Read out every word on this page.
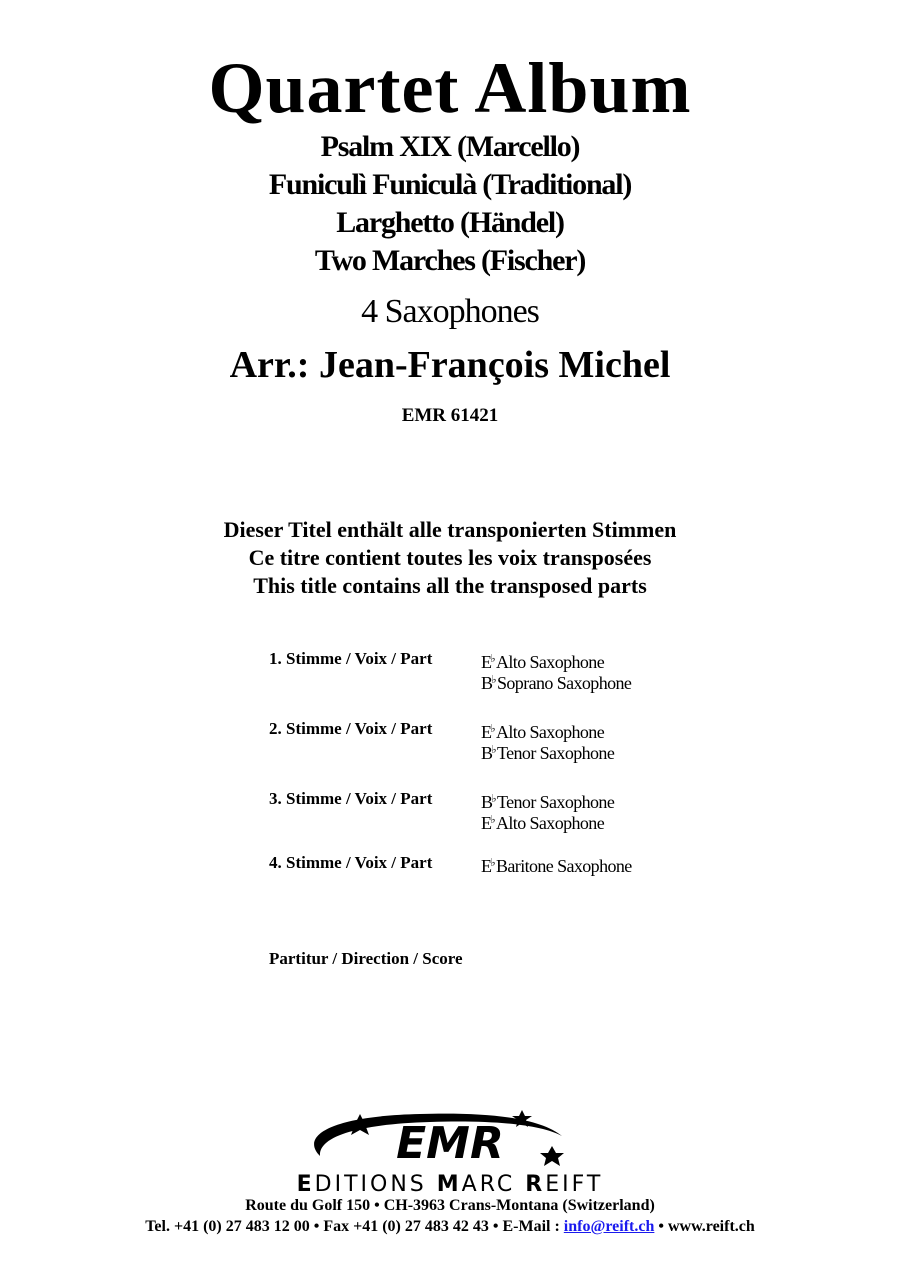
Quartet Album
Psalm XIX (Marcello)
Funiculì Funiculà (Traditional)
Larghetto (Händel)
Two Marches (Fischer)
4 Saxophones
Arr.: Jean-François Michel
EMR 61421
Dieser Titel enthält alle transponierten Stimmen
Ce titre contient toutes les voix transposées
This title contains all the transposed parts
1. Stimme / Voix / Part	E♭Alto Saxophone
B♭Soprano Saxophone
2. Stimme / Voix / Part	E♭Alto Saxophone
B♭Tenor Saxophone
3. Stimme / Voix / Part	B♭Tenor Saxophone
E♭Alto Saxophone
4. Stimme / Voix / Part	E♭Baritone Saxophone
Partitur / Direction / Score
EMR
EDITIONS MARC REIFT
Route du Golf 150 • CH-3963 Crans-Montana (Switzerland)
Tel. +41 (0) 27 483 12 00 • Fax +41 (0) 27 483 42 43 • E-Mail : info@reift.ch • www.reift.ch
